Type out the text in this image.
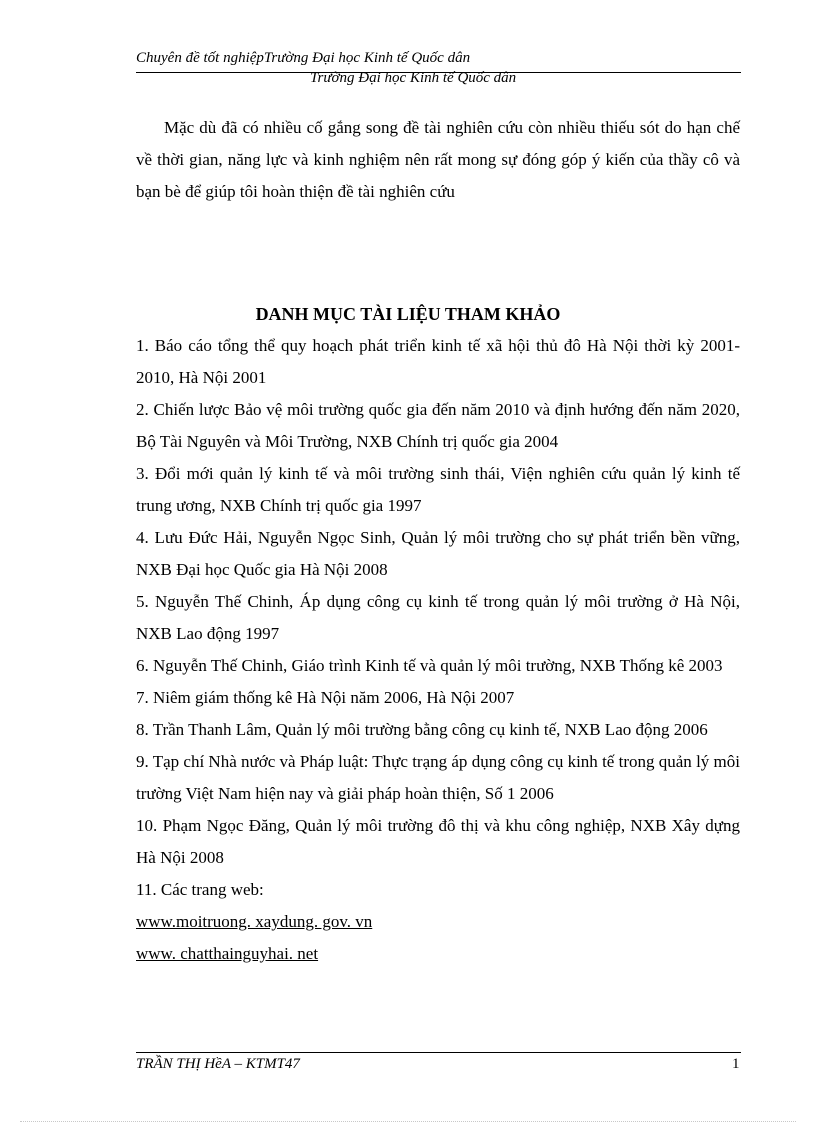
Chuyên đề tốt nghiệpTrường Đại học Kinh tế Quốc dân
Trường Đại học Kinh tế Quốc dân
Mặc dù đã có nhiều cố gắng song đề tài nghiên cứu còn nhiều thiếu sót do hạn chế về thời gian, năng lực và kinh nghiệm nên rất mong sự đóng góp ý kiến của thầy cô và bạn bè để giúp tôi hoàn thiện đề tài nghiên cứu
DANH MỤC TÀI LIỆU THAM KHẢO

1. Báo cáo tổng thể quy hoạch phát triển kinh tế xã hội thủ đô Hà Nội thời kỳ 2001-2010, Hà Nội 2001

2. Chiến lược Bảo vệ môi trường quốc gia đến năm 2010 và định hướng đến năm 2020, Bộ Tài Nguyên và Môi Trường, NXB Chính trị quốc gia 2004

3. Đổi mới quản lý kinh tế và môi trường sinh thái, Viện nghiên cứu quản lý kinh tế trung ương, NXB Chính trị quốc gia 1997

4. Lưu Đức Hải, Nguyễn Ngọc Sinh, Quản lý môi trường cho sự phát triển bền vững, NXB Đại học Quốc gia Hà Nội 2008

5. Nguyễn Thế Chinh, Áp dụng công cụ kinh tế trong quản lý môi trường ở Hà Nội, NXB Lao động 1997

6. Nguyễn Thế Chinh, Giáo trình Kinh tế và quản lý môi trường, NXB Thống kê 2003

7. Niêm giám thống kê Hà Nội năm 2006, Hà Nội 2007

8. Trần Thanh Lâm, Quản lý môi trường bằng công cụ kinh tế, NXB Lao động 2006

9. Tạp chí Nhà nước và Pháp luật: Thực trạng áp dụng công cụ kinh tế trong quản lý môi trường Việt Nam hiện nay và giải pháp hoàn thiện, Số 1 2006

10. Phạm Ngọc Đăng, Quản lý môi trường đô thị và khu công nghiệp, NXB Xây dựng Hà Nội 2008

11. Các trang web:

www.moitruong. xaydung. gov. vn

www. chatthainguyhai. net

TRẦN THỊ HềA – KTMT47	1
